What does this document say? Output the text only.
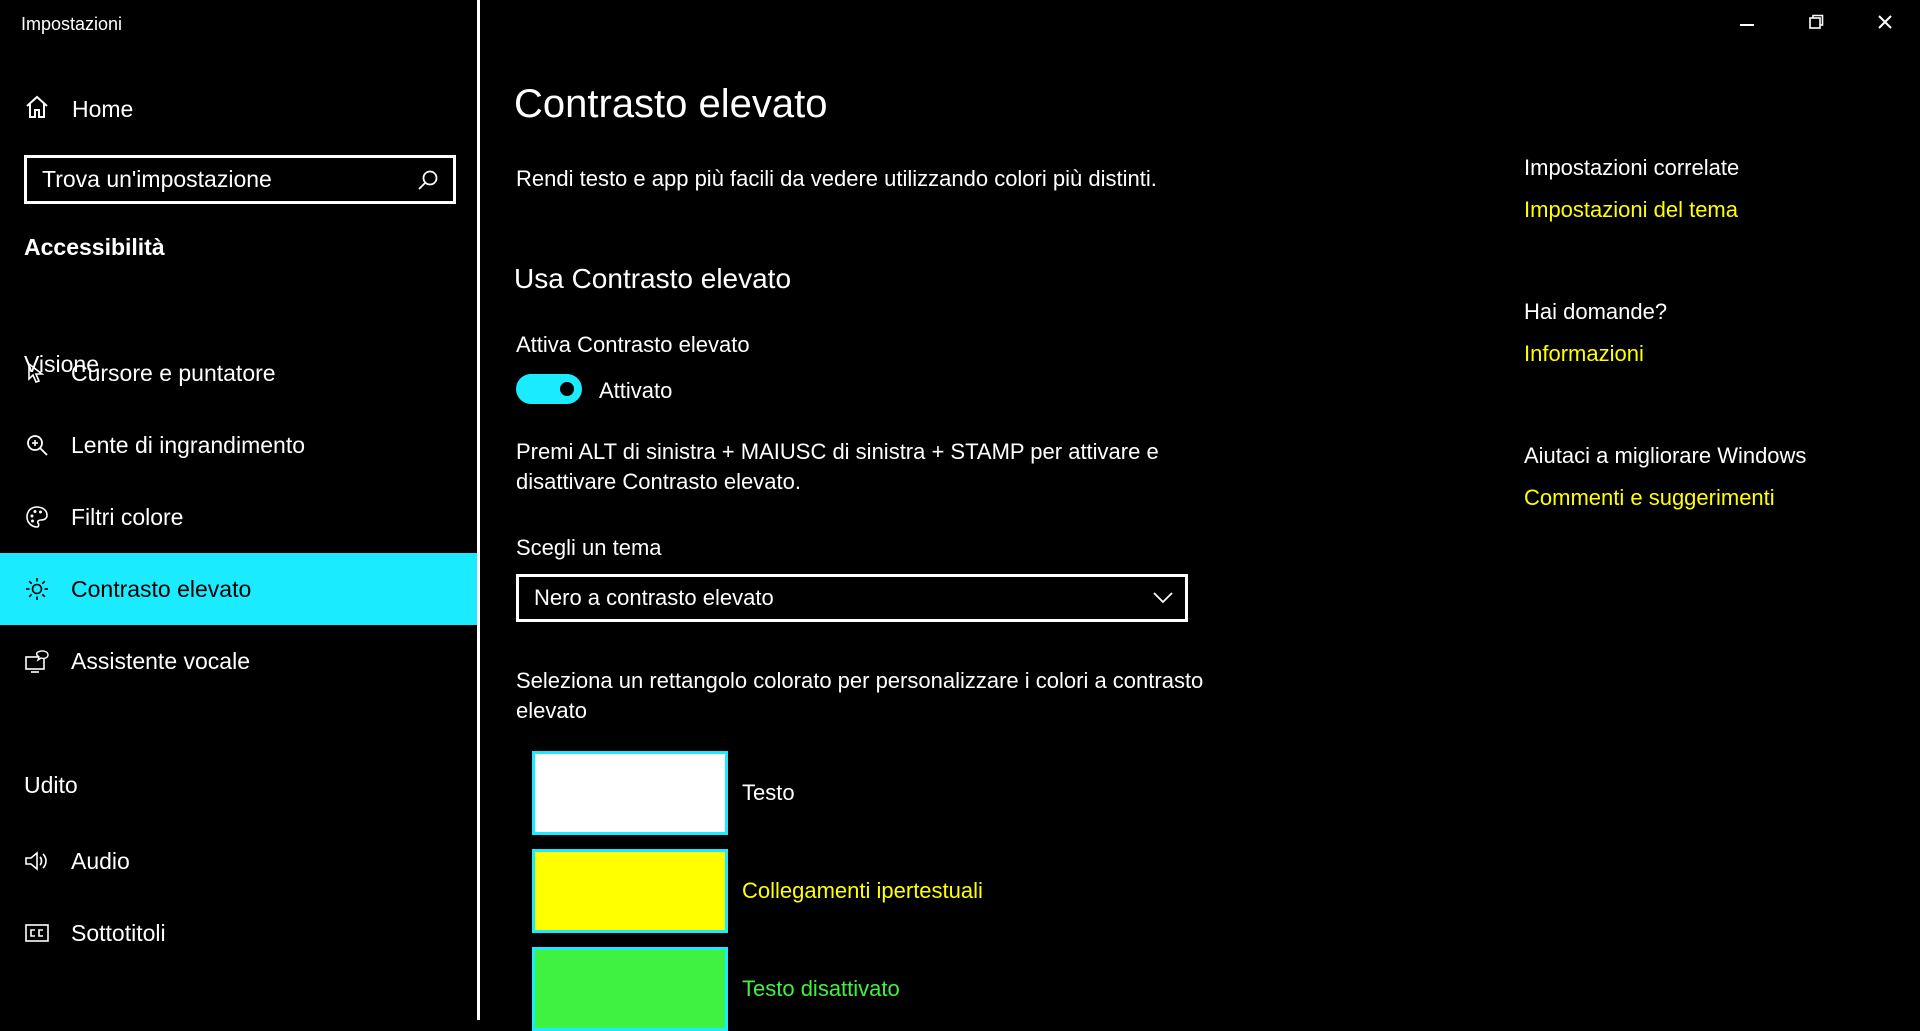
Impostazioni
Home
Trova un'impostazione
Accessibilità
Visione
Cursore e puntatore
Lente di ingrandimento
Filtri colore
Contrasto elevato
Assistente vocale
Udito
Audio
Sottotitoli
Contrasto elevato
Rendi testo e app più facili da vedere utilizzando colori più distinti.
Usa Contrasto elevato
Attiva Contrasto elevato
Attivato
Premi ALT di sinistra + MAIUSC di sinistra + STAMP per attivare e disattivare Contrasto elevato.
Scegli un tema
Nero a contrasto elevato
Seleziona un rettangolo colorato per personalizzare i colori a contrasto elevato
Testo
Collegamenti ipertestuali
Testo disattivato
Impostazioni correlate
Impostazioni del tema
Hai domande?
Informazioni
Aiutaci a migliorare Windows
Commenti e suggerimenti
